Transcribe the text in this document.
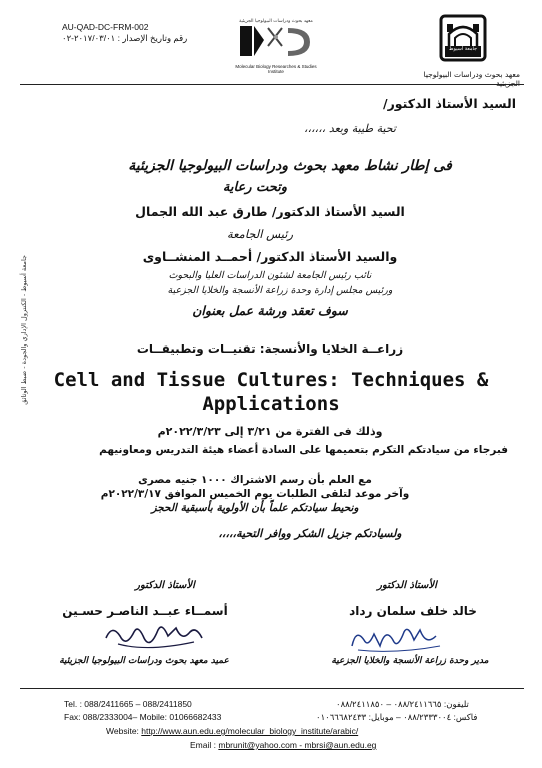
AU-QAD-DC-FRM-002
رقم وتاريخ الإصدار : ٢٠١٧/٠٣/٠١-٠٢
معهد بحوث ودراسات البيولوجيا الجزيئية
Molecular Biology Researches & Studies Institute
جامعة أسيوط
معهد بحوث ودراسات البيولوجيا الجزيئية
جامعة أسيوط - الكنترول الإداري والجودة - ضبط الوثائق
السيد الأستاذ الدكتور/
تحية طيبة وبعد ،،،،،،
فى إطار نشاط معهد بحوث ودراسات البيولوجيا الجزيئية
وتحت رعاية
السيد الأستاذ الدكتور/ طارق عبد الله الجمال
رئيس الجامعة
والسيد الأستاذ الدكتور/ أحمــد المنشــاوى
نائب رئيس الجامعة لشئون الدراسات العليا والبحوث
ورئيس مجلس إدارة وحدة زراعة الأنسجة والخلايا الجزعية
سوف تعقد ورشة عمل بعنوان
زراعــة الخلايا والأنسجة: تقنيــات وتطبيقــات
Cell and Tissue Cultures: Techniques &
Applications
وذلك فى الفترة من ٣/٢١ إلى ٢٠٢٢/٣/٢٣م
فبرجاء من سيادتكم التكرم بتعميمها على السادة أعضاء هيئة التدريس ومعاونيهم
مع العلم بأن رسم الاشتراك ١٠٠٠ جنيه مصرى
وآخر موعد لتلقى الطلبات يوم الخميس الموافق ٢٠٢٢/٣/١٧م
ونحيط سيادتكم علماً بأن الأولوية بأسبقية الحجز
ولسيادتكم جزيل الشكر ووافر التحية،،،،،
الأستاذ الدكتور
أسمــاء عبــد الناصـر حسـين
عميد معهد بحوث ودراسات البيولوجيا الجزيئية
الأستاذ الدكتور
خالد خلف سلمان رداد
مدير وحدة زراعة الأنسجة والخلايا الجزعية
Tel. : 088/2411665 – 088/2411850
Fax: 088/2333004– Mobile: 01066682433
تليفون: ٠٨٨/٢٤١١٦٦٥ – ٠٨٨/٢٤١١٨٥٠
فاكس: ٠٨٨/٢٣٣٣٠٠٤ – موبايل: ٠١٠٦٦٦٨٢٤٣٣
Website: http://www.aun.edu.eg/molecular_biology_institute/arabic/
Email : mbrunit@yahoo.com - mbrsi@aun.edu.eg
